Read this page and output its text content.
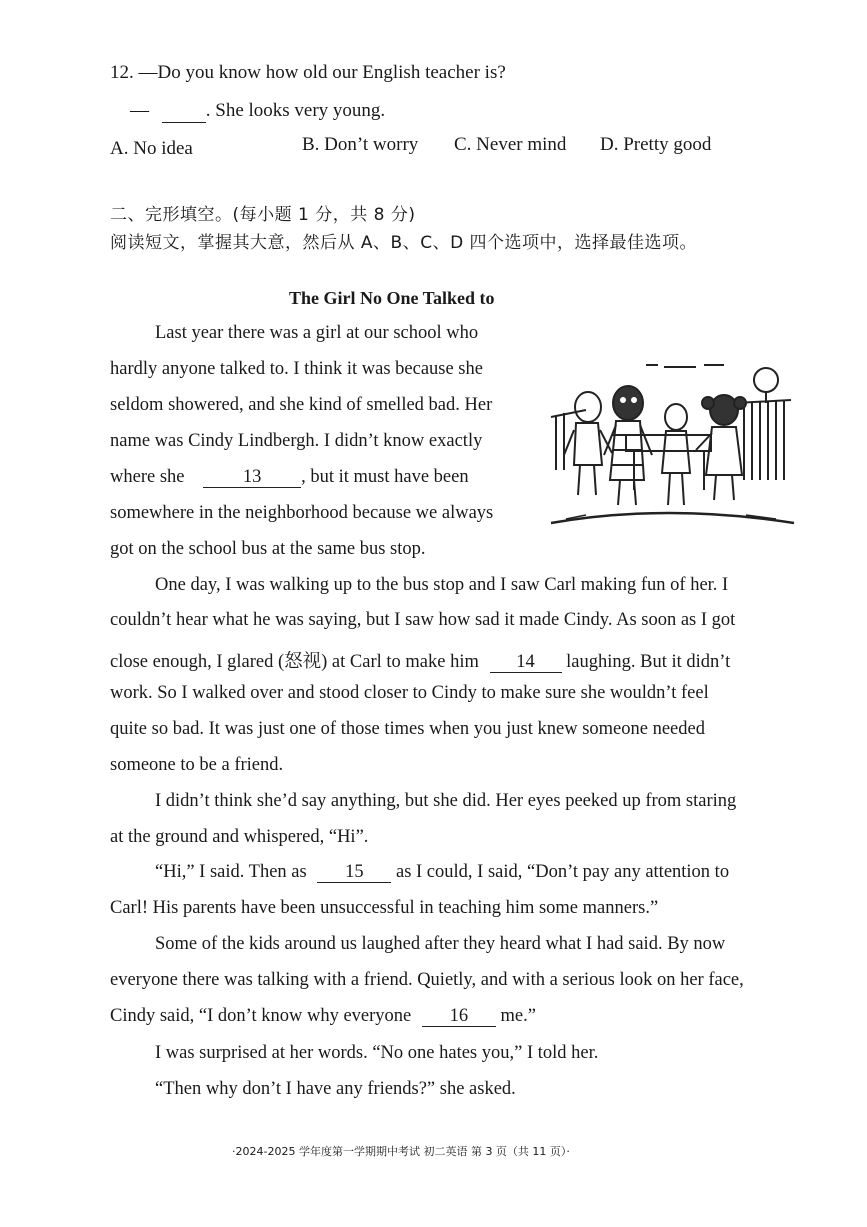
12. —Do you know how old our English teacher is?
—	. She looks very young.
A. No idea	B. Don’t worry C. Never mind D. Pretty good
二、完形填空。(每小题 1 分，共 8 分)
阅读短文，掌握其大意，然后从 A、B、C、D 四个选项中，选择最佳选项。
The Girl No One Talked to
Last year there was a girl at our school who
hardly anyone talked to. I think it was because she
seldom showered, and she kind of smelled bad. Her
name was Cindy Lindbergh. I didn’t know exactly
where she	13 , but it must have been
somewhere in the neighborhood because we always
got on the school bus at the same bus stop.
One day, I was walking up to the bus stop and I saw Carl making fun of her. I
couldn’t hear what he was saying, but I saw how sad it made Cindy. As soon as I got
close enough, I glared (怒视) at Carl to make him 14 laughing. But it didn’t
work. So I walked over and stood closer to Cindy to make sure she wouldn’t feel
quite so bad. It was just one of those times when you just knew someone needed
someone to be a friend.
I didn’t think she’d say anything, but she did. Her eyes peeked up from staring
at the ground and whispered, “Hi”.
“Hi,” I said. Then as 15 as I could, I said, “Don’t pay any attention to
Carl! His parents have been unsuccessful in teaching him some manners.”
Some of the kids around us laughed after they heard what I had said. By now
everyone there was talking with a friend. Quietly, and with a serious look on her face,
Cindy said, “I don’t know why everyone 16 me.”
I was surprised at her words. “No one hates you,” I told her.
“Then why don’t I have any friends?” she asked.
·2024-2025 学年度第一学期期中考试 初二英语 第 3 页（共 11 页）·
